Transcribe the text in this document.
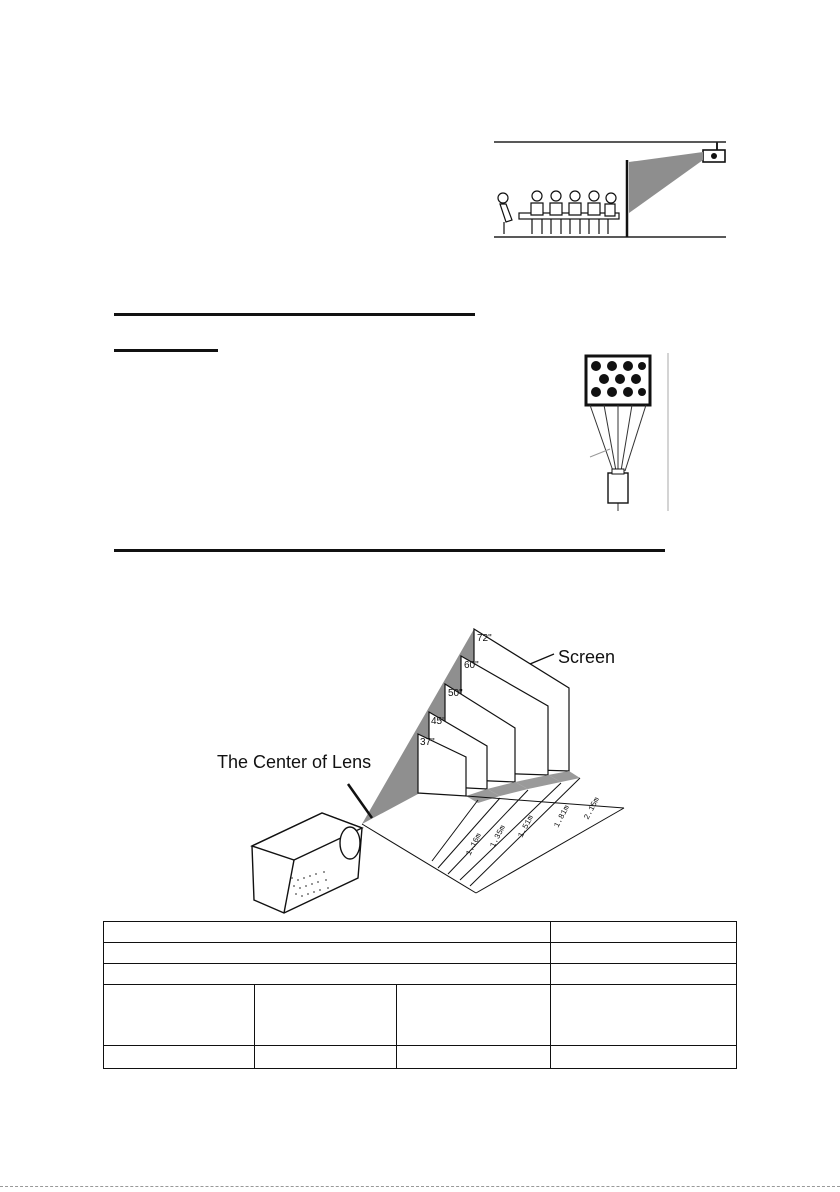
72"
60"
50"
45"
37"
Screen
The Center of Lens
1.16m 1.35m 1.51m 1.81m 2.15m
